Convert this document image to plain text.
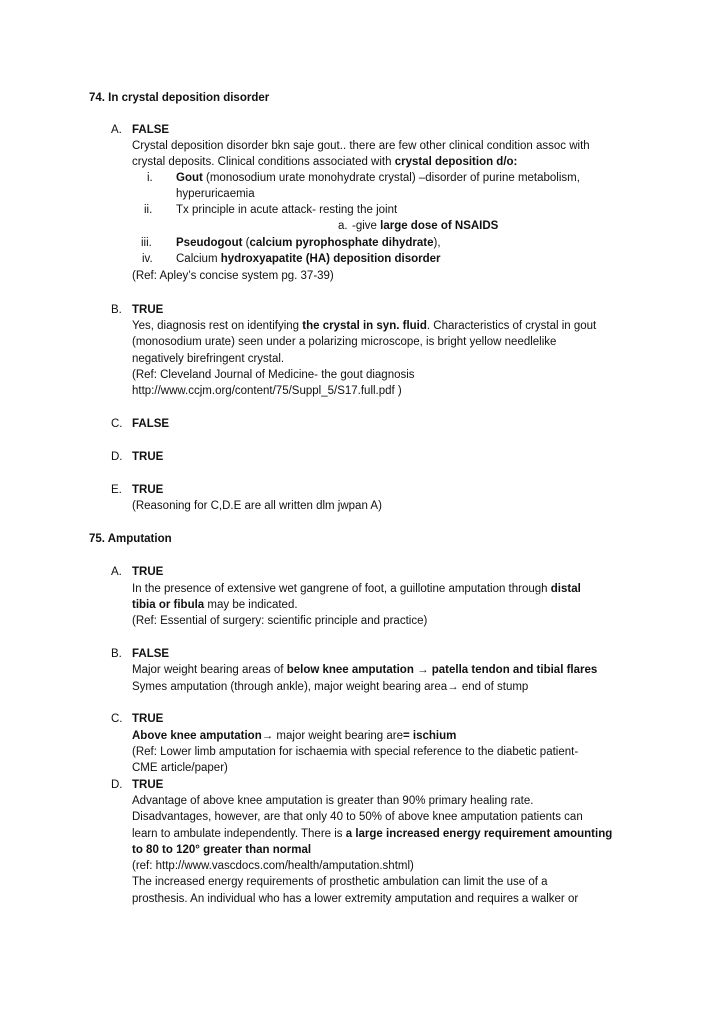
74. In crystal deposition disorder
A. FALSE
Crystal deposition disorder bkn saje gout.. there are few other clinical condition assoc with
crystal deposits. Clinical conditions associated with crystal deposition d/o:
i. Gout (monosodium urate monohydrate crystal) –disorder of purine metabolism,
hyperuricaemia
ii. Tx principle in acute attack- resting the joint
a. -give large dose of NSAIDS
iii. Pseudogout (calcium pyrophosphate dihydrate),
iv. Calcium hydroxyapatite (HA) deposition disorder
(Ref: Apley’s concise system pg. 37-39)
B. TRUE
Yes, diagnosis rest on identifying the crystal in syn. fluid. Characteristics of crystal in gout
(monosodium urate) seen under a polarizing microscope, is bright yellow needlelike
negatively birefringent crystal.
(Ref: Cleveland Journal of Medicine- the gout diagnosis
http://www.ccjm.org/content/75/Suppl_5/S17.full.pdf )
C. FALSE
D. TRUE
E. TRUE
(Reasoning for C,D.E are all written dlm jwpan A)
75. Amputation
A. TRUE
In the presence of extensive wet gangrene of foot, a guillotine amputation through distal
tibia or fibula may be indicated.
(Ref: Essential of surgery: scientific principle and practice)
B. FALSE
Major weight bearing areas of below knee amputation → patella tendon and tibial flares
Symes amputation (through ankle), major weight bearing area→ end of stump
C. TRUE
Above knee amputation→ major weight bearing are= ischium
(Ref: Lower limb amputation for ischaemia with special reference to the diabetic patient-
CME article/paper)
D. TRUE
Advantage of above knee amputation is greater than 90% primary healing rate.
Disadvantages, however, are that only 40 to 50% of above knee amputation patients can
learn to ambulate independently. There is a large increased energy requirement amounting
to 80 to 120° greater than normal
(ref: http://www.vascdocs.com/health/amputation.shtml)
The increased energy requirements of prosthetic ambulation can limit the use of a
prosthesis. An individual who has a lower extremity amputation and requires a walker or
